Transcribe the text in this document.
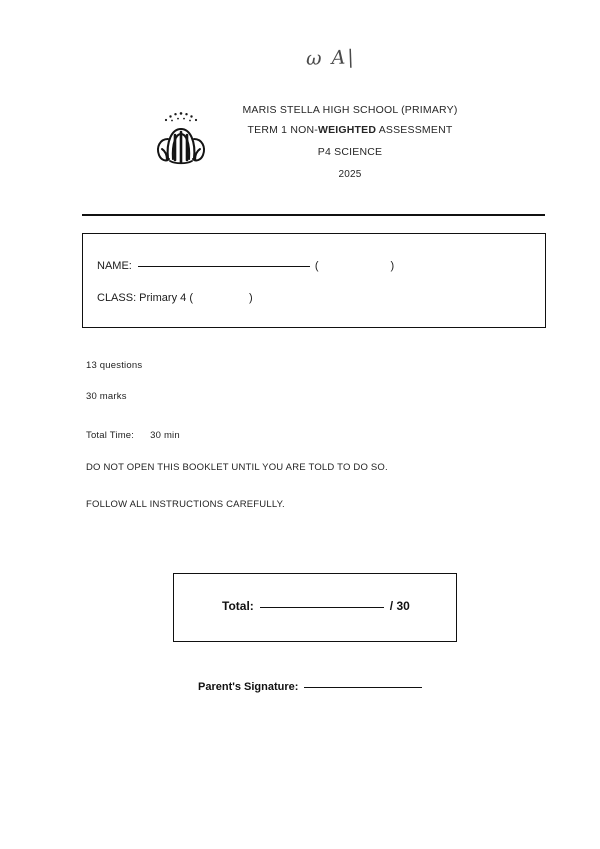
ω A|
MARIS STELLA HIGH SCHOOL (PRIMARY)
TERM 1 NON-WEIGHTED ASSESSMENT
P4 SCIENCE
2025
NAME:	(	)
CLASS: Primary 4 (	)
13 questions
30 marks
Total Time: 30 min
DO NOT OPEN THIS BOOKLET UNTIL YOU ARE TOLD TO DO SO.
FOLLOW ALL INSTRUCTIONS CAREFULLY.
Total:	/ 30
Parent's Signature:
